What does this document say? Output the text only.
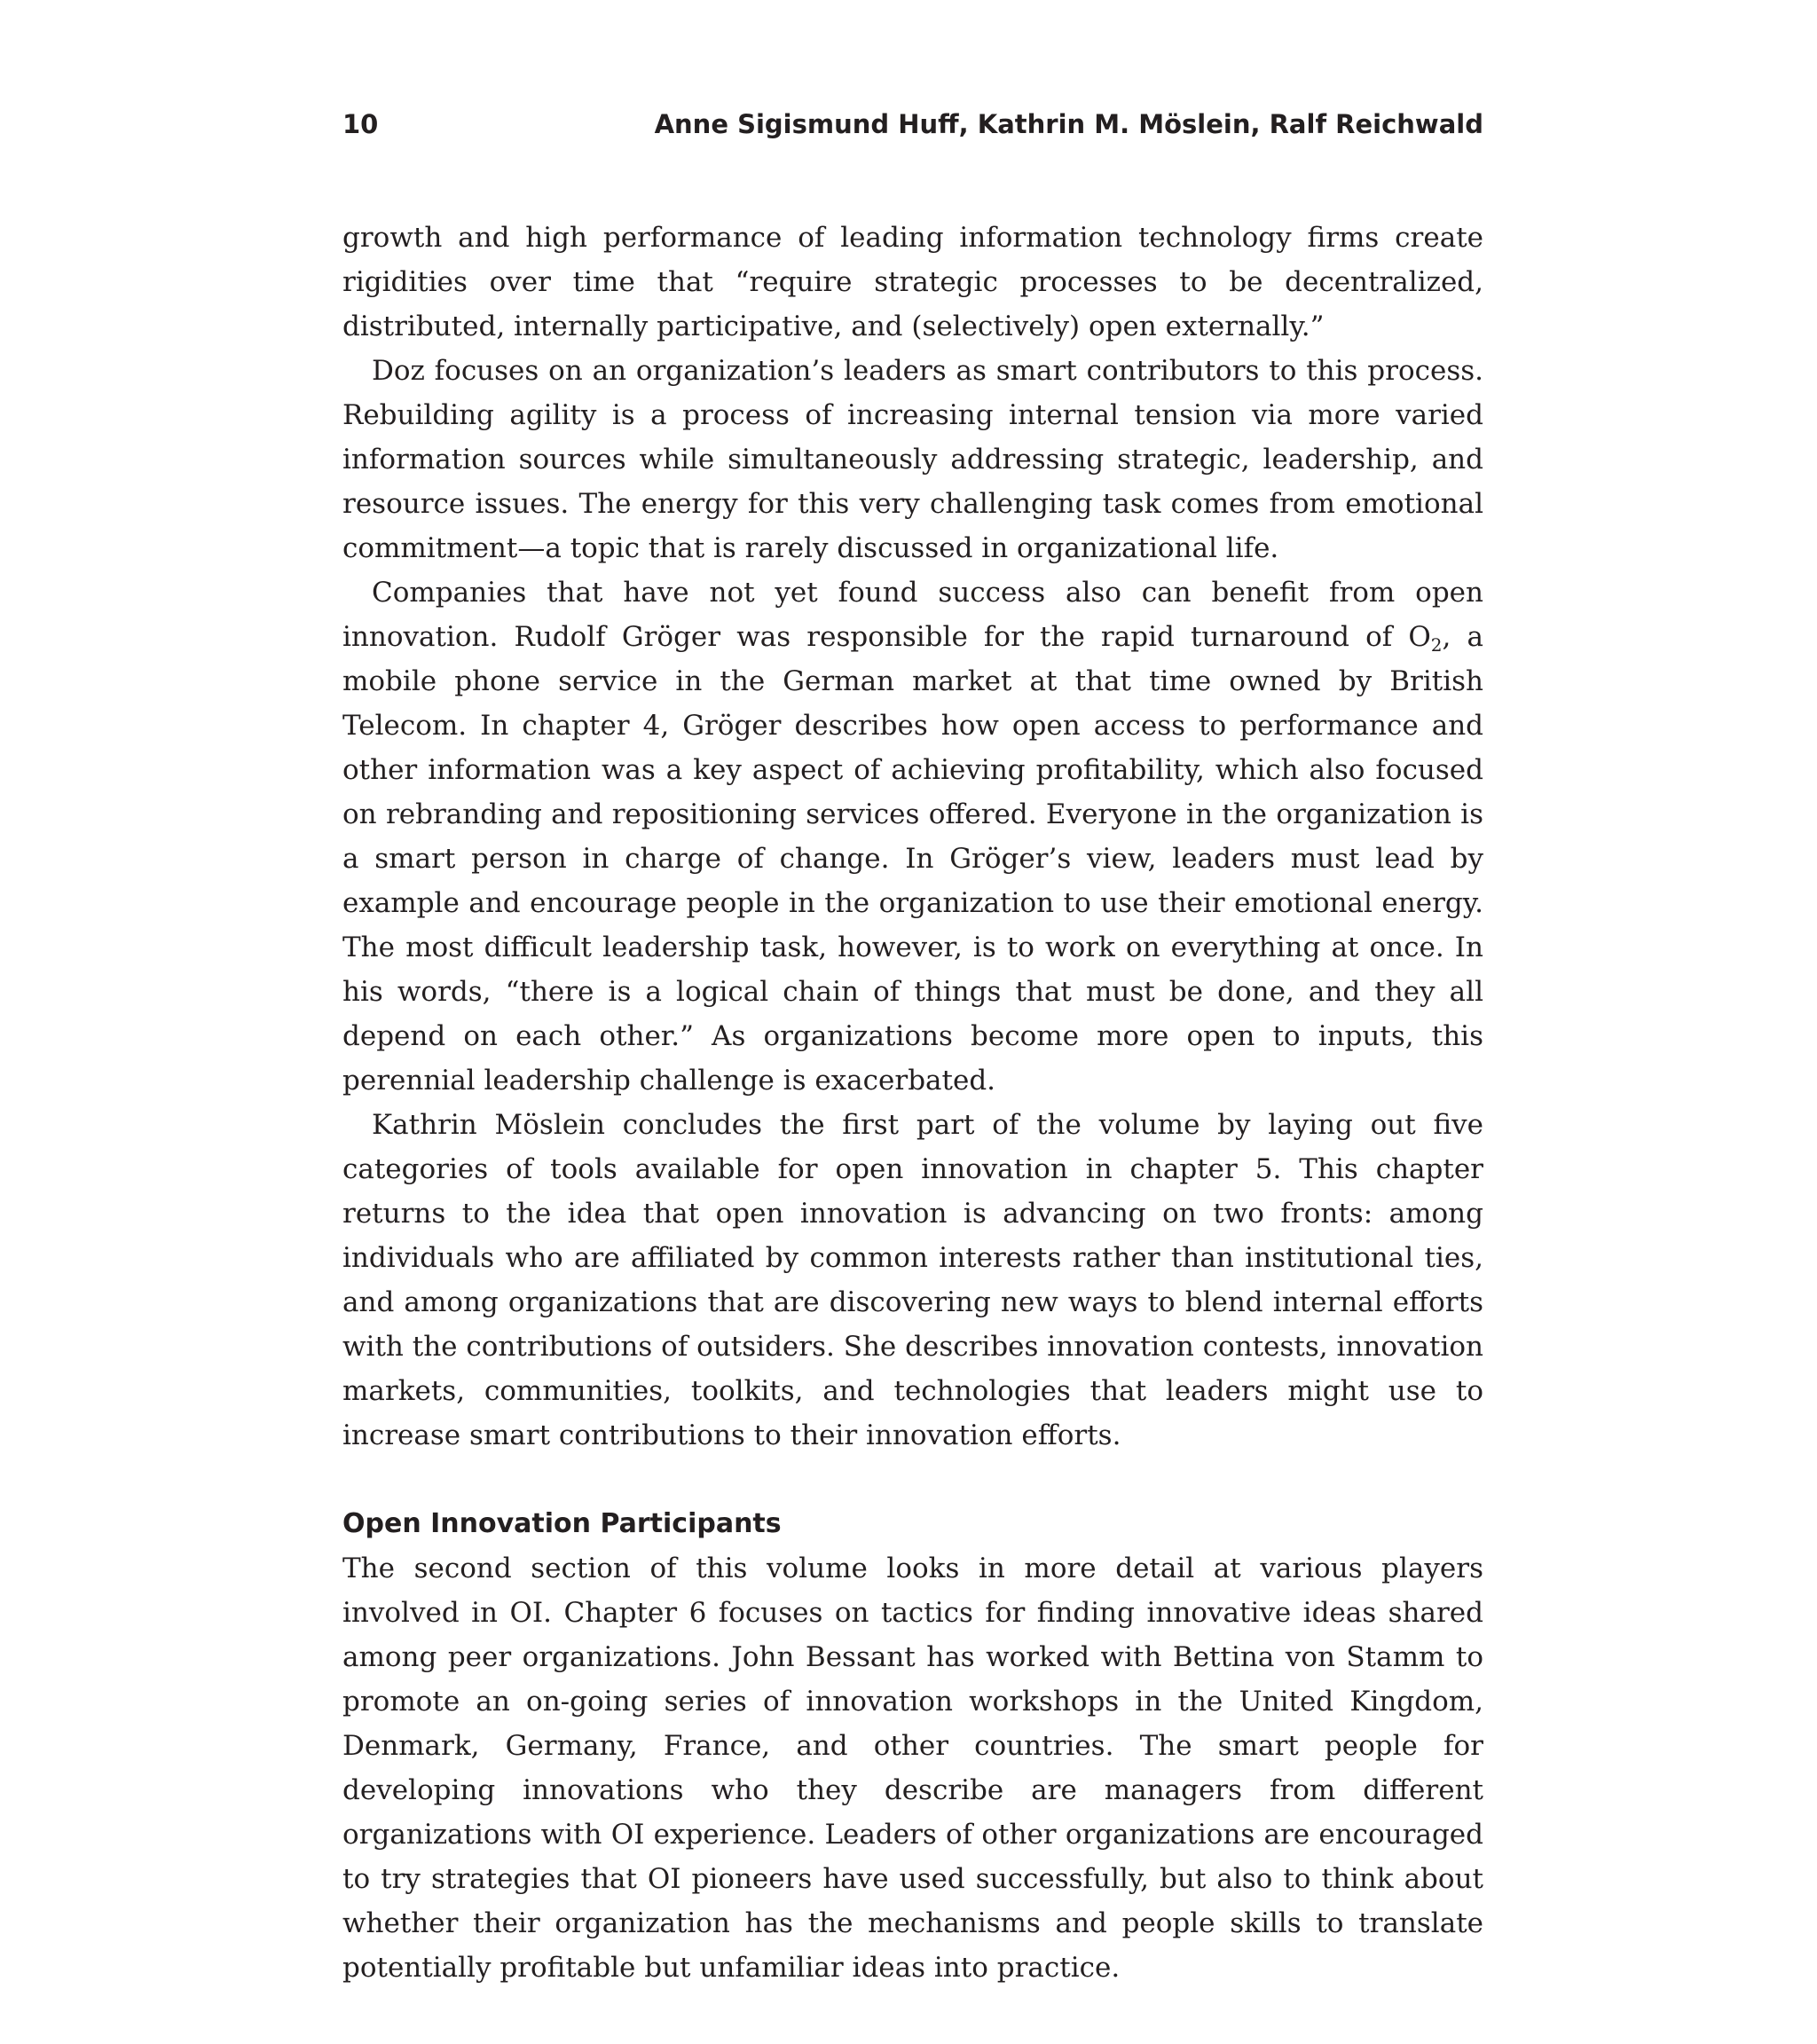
10	Anne Sigismund Huff, Kathrin M. Möslein, Ralf Reichwald

growth and high performance of leading information technology firms create rigidities over time that “require strategic processes to be decentralized, distributed, internally participative, and (selectively) open externally.”

Doz focuses on an organization’s leaders as smart contributors to this process. Rebuilding agility is a process of increasing internal tension via more varied information sources while simultaneously addressing strategic, leadership, and resource issues. The energy for this very challenging task comes from emotional commitment—a topic that is rarely discussed in organizational life.

Companies that have not yet found success also can benefit from open innovation. Rudolf Gröger was responsible for the rapid turnaround of $O_2$, a mobile phone service in the German market at that time owned by British Telecom. In chapter 4, Gröger describes how open access to performance and other information was a key aspect of achieving profitability, which also focused on rebranding and repositioning services offered. Everyone in the organization is a smart person in charge of change. In Gröger’s view, leaders must lead by example and encourage people in the organization to use their emotional energy. The most difficult leadership task, however, is to work on everything at once. In his words, “there is a logical chain of things that must be done, and they all depend on each other.” As organizations become more open to inputs, this perennial leadership challenge is exacerbated.

Kathrin Möslein concludes the first part of the volume by laying out five categories of tools available for open innovation in chapter 5. This chapter returns to the idea that open innovation is advancing on two fronts: among individuals who are affiliated by common interests rather than institutional ties, and among organizations that are discovering new ways to blend internal efforts with the contributions of outsiders. She describes innovation contests, innovation markets, communities, toolkits, and technologies that leaders might use to increase smart contributions to their innovation efforts.

Open Innovation Participants

The second section of this volume looks in more detail at various players involved in OI. Chapter 6 focuses on tactics for finding innovative ideas shared among peer organizations. John Bessant has worked with Bettina von Stamm to promote an on-going series of innovation workshops in the United Kingdom, Denmark, Germany, France, and other countries. The smart people for developing innovations who they describe are managers from different organizations with OI experience. Leaders of other organizations are encouraged to try strategies that OI pioneers have used successfully, but also to think about whether their organization has the mechanisms and people skills to translate potentially profitable but unfamiliar ideas into practice.
